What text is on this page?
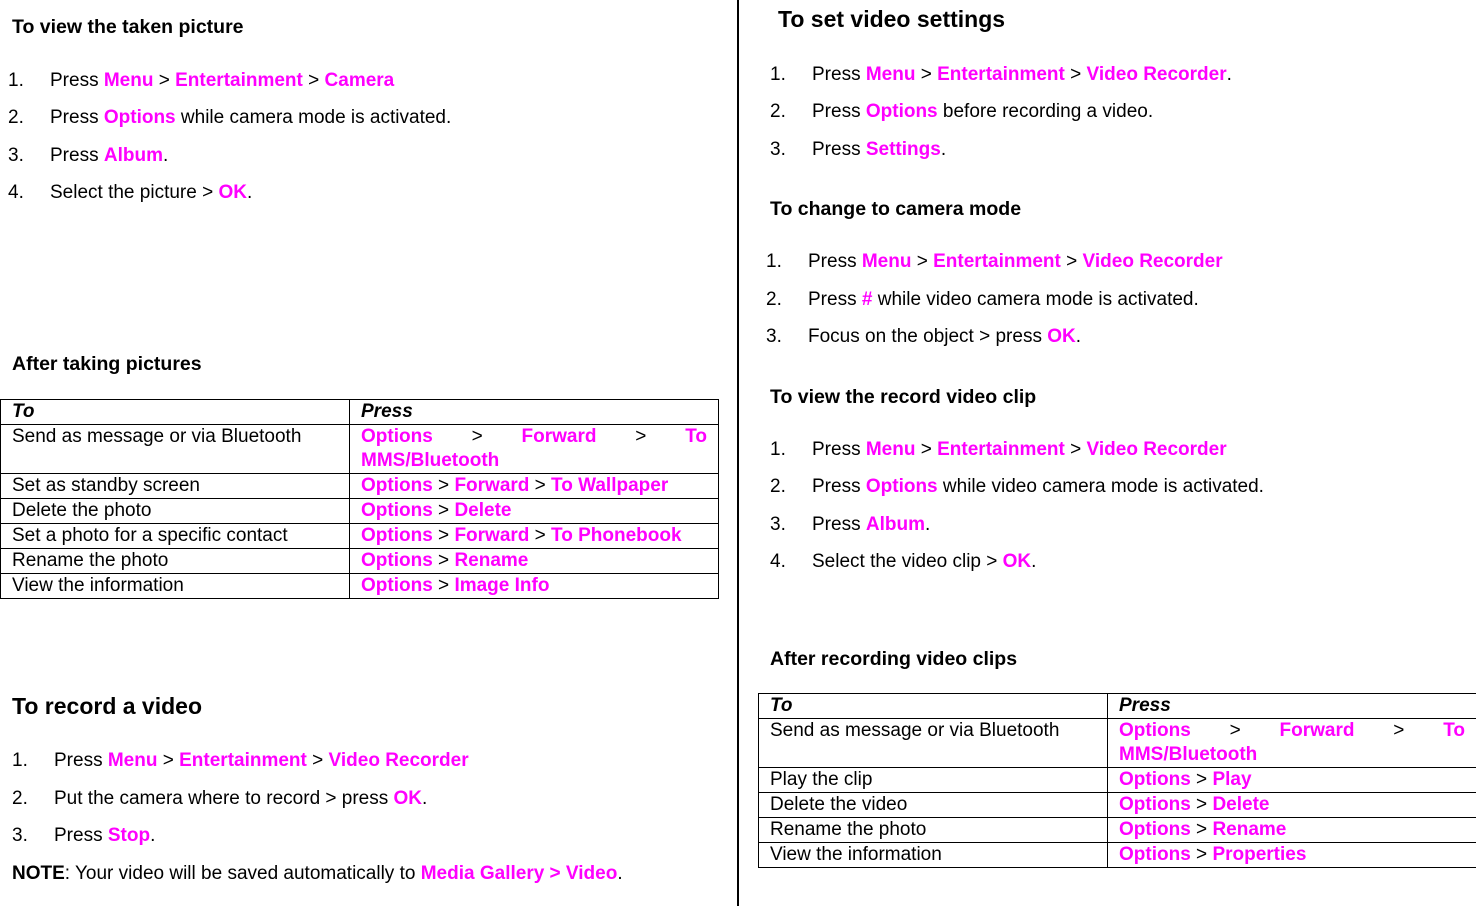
To view the taken picture
1. Press Menu > Entertainment > Camera
2. Press Options while camera mode is activated.
3. Press Album.
4. Select the picture > OK.
After taking pictures
To	Press
Send as message or via Bluetooth	Options > Forward > To MMS/Bluetooth

Set as standby screen	Options > Forward > To Wallpaper

Delete the photo	Options > Delete

Set a photo for a specific contact	Options > Forward > To Phonebook

Rename the photo	Options > Rename

View the information	Options > Image Info
To record a video
1. Press Menu > Entertainment > Video Recorder
2. Put the camera where to record > press OK.
3. Press Stop.
NOTE: Your video will be saved automatically to Media Gallery > Video.
To set video settings
1. Press Menu > Entertainment > Video Recorder.
2. Press Options before recording a video.
3. Press Settings.
To change to camera mode
1. Press Menu > Entertainment > Video Recorder
2. Press # while video camera mode is activated.
3. Focus on the object > press OK.
To view the record video clip
1. Press Menu > Entertainment > Video Recorder
2. Press Options while video camera mode is activated.
3. Press Album.
4. Select the video clip > OK.
After recording video clips
To	Press
Send as message or via Bluetooth	Options > Forward > To MMS/Bluetooth

Play the clip	Options > Play

Delete the video	Options > Delete

Rename the photo	Options > Rename

View the information	Options > Properties
